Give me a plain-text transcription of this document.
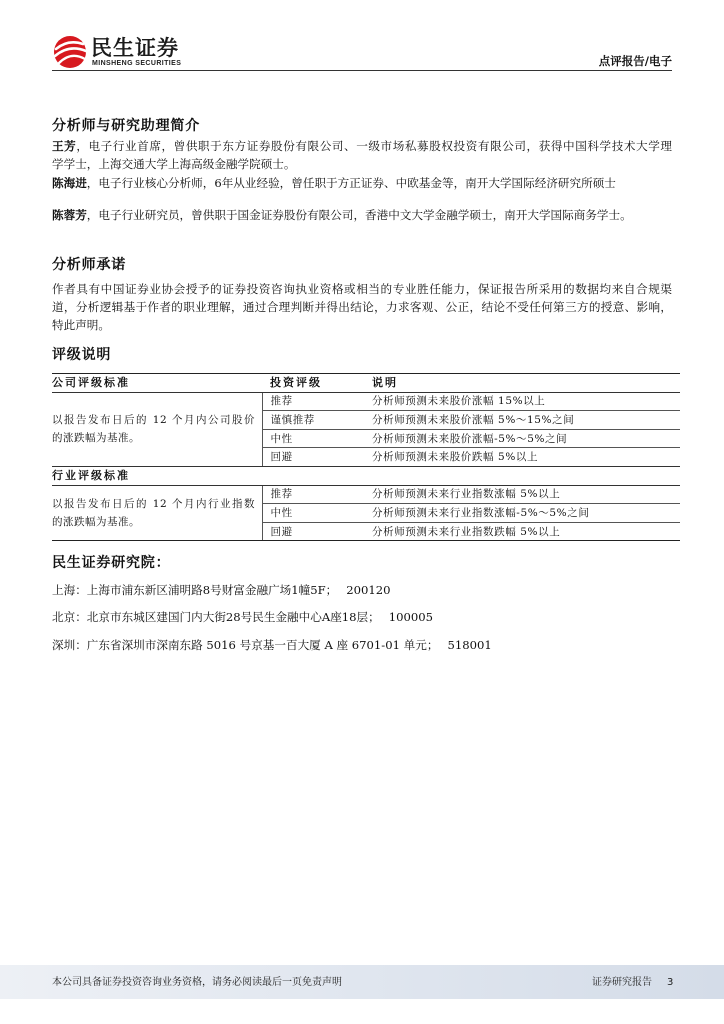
民生证券
MINSHENG SECURITIES	点评报告/电子
分析师与研究助理简介
王芳，电子行业首席，曾供职于东方证券股份有限公司、一级市场私募股权投资有限公司，获得中国科学技术大学理
学学士，上海交通大学上海高级金融学院硕士。
陈海进，电子行业核心分析师，6年从业经验，曾任职于方正证券、中欧基金等，南开大学国际经济研究所硕士
陈蓉芳，电子行业研究员，曾供职于国金证券股份有限公司，香港中文大学金融学硕士，南开大学国际商务学士。
分析师承诺
作者具有中国证券业协会授予的证券投资咨询执业资格或相当的专业胜任能力，保证报告所采用的数据均来自合规渠
道，分析逻辑基于作者的职业理解，通过合理判断并得出结论，力求客观、公正，结论不受任何第三方的授意、影响，
特此声明。
评级说明
公司评级标准	投资评级	说明

以报告发布日后的 12 个月内公司股价
的涨跌幅为基准。	推荐	分析师预测未来股价涨幅 15%以上
	谨慎推荐	分析师预测未来股价涨幅 5%～15%之间
	中性	分析师预测未来股价涨幅-5%～5%之间
	回避	分析师预测未来股价跌幅 5%以上
行业评级标准		

以报告发布日后的 12 个月内行业指数
的涨跌幅为基准。	推荐	分析师预测未来行业指数涨幅 5%以上
	中性	分析师预测未来行业指数涨幅-5%～5%之间
	回避	分析师预测未来行业指数跌幅 5%以上
民生证券研究院：
上海：上海市浦东新区浦明路8号财富金融广场1幢5F； 200120
北京：北京市东城区建国门内大街28号民生金融中心A座18层； 100005
深圳：广东省深圳市深南东路 5016 号京基一百大厦 A 座 6701-01 单元； 518001
本公司具备证券投资咨询业务资格，请务必阅读最后一页免责声明	证券研究报告 3
